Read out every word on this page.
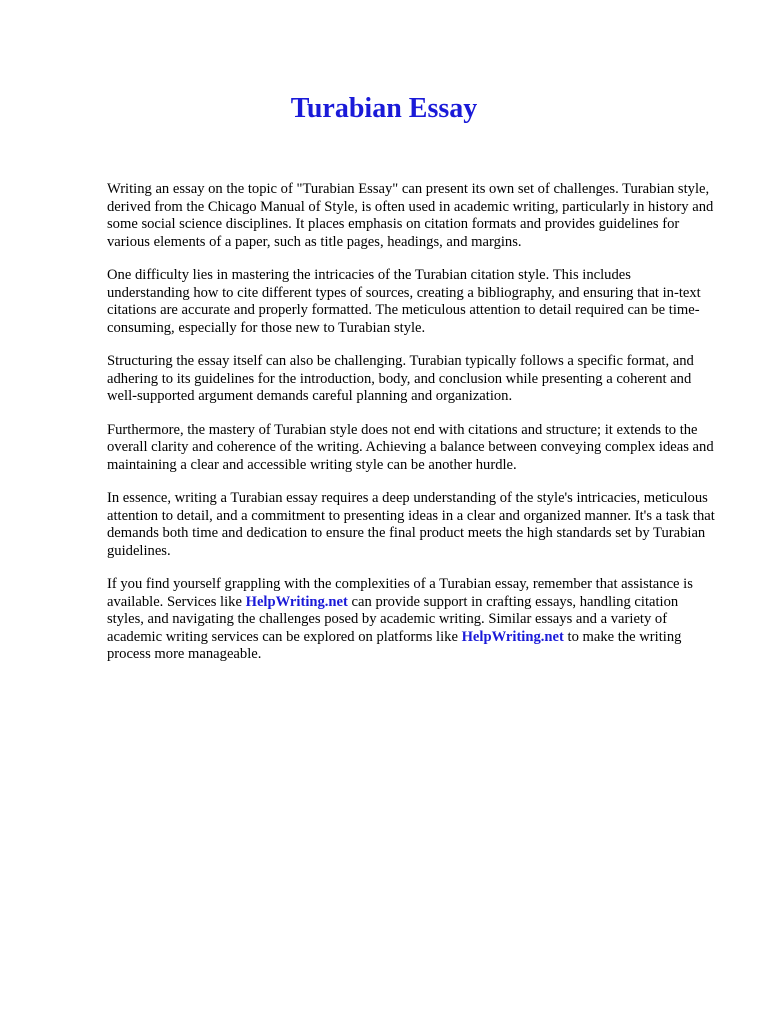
Turabian Essay

Writing an essay on the topic of "Turabian Essay" can present its own set of challenges. Turabian style, derived from the Chicago Manual of Style, is often used in academic writing, particularly in history and some social science disciplines. It places emphasis on citation formats and provides guidelines for various elements of a paper, such as title pages, headings, and margins.

One difficulty lies in mastering the intricacies of the Turabian citation style. This includes understanding how to cite different types of sources, creating a bibliography, and ensuring that in-text citations are accurate and properly formatted. The meticulous attention to detail required can be time-consuming, especially for those new to Turabian style.

Structuring the essay itself can also be challenging. Turabian typically follows a specific format, and adhering to its guidelines for the introduction, body, and conclusion while presenting a coherent and well-supported argument demands careful planning and organization.

Furthermore, the mastery of Turabian style does not end with citations and structure; it extends to the overall clarity and coherence of the writing. Achieving a balance between conveying complex ideas and maintaining a clear and accessible writing style can be another hurdle.

In essence, writing a Turabian essay requires a deep understanding of the style's intricacies, meticulous attention to detail, and a commitment to presenting ideas in a clear and organized manner. It's a task that demands both time and dedication to ensure the final product meets the high standards set by Turabian guidelines.

If you find yourself grappling with the complexities of a Turabian essay, remember that assistance is available. Services like HelpWriting.net can provide support in crafting essays, handling citation styles, and navigating the challenges posed by academic writing. Similar essays and a variety of academic writing services can be explored on platforms like HelpWriting.net to make the writing process more manageable.
